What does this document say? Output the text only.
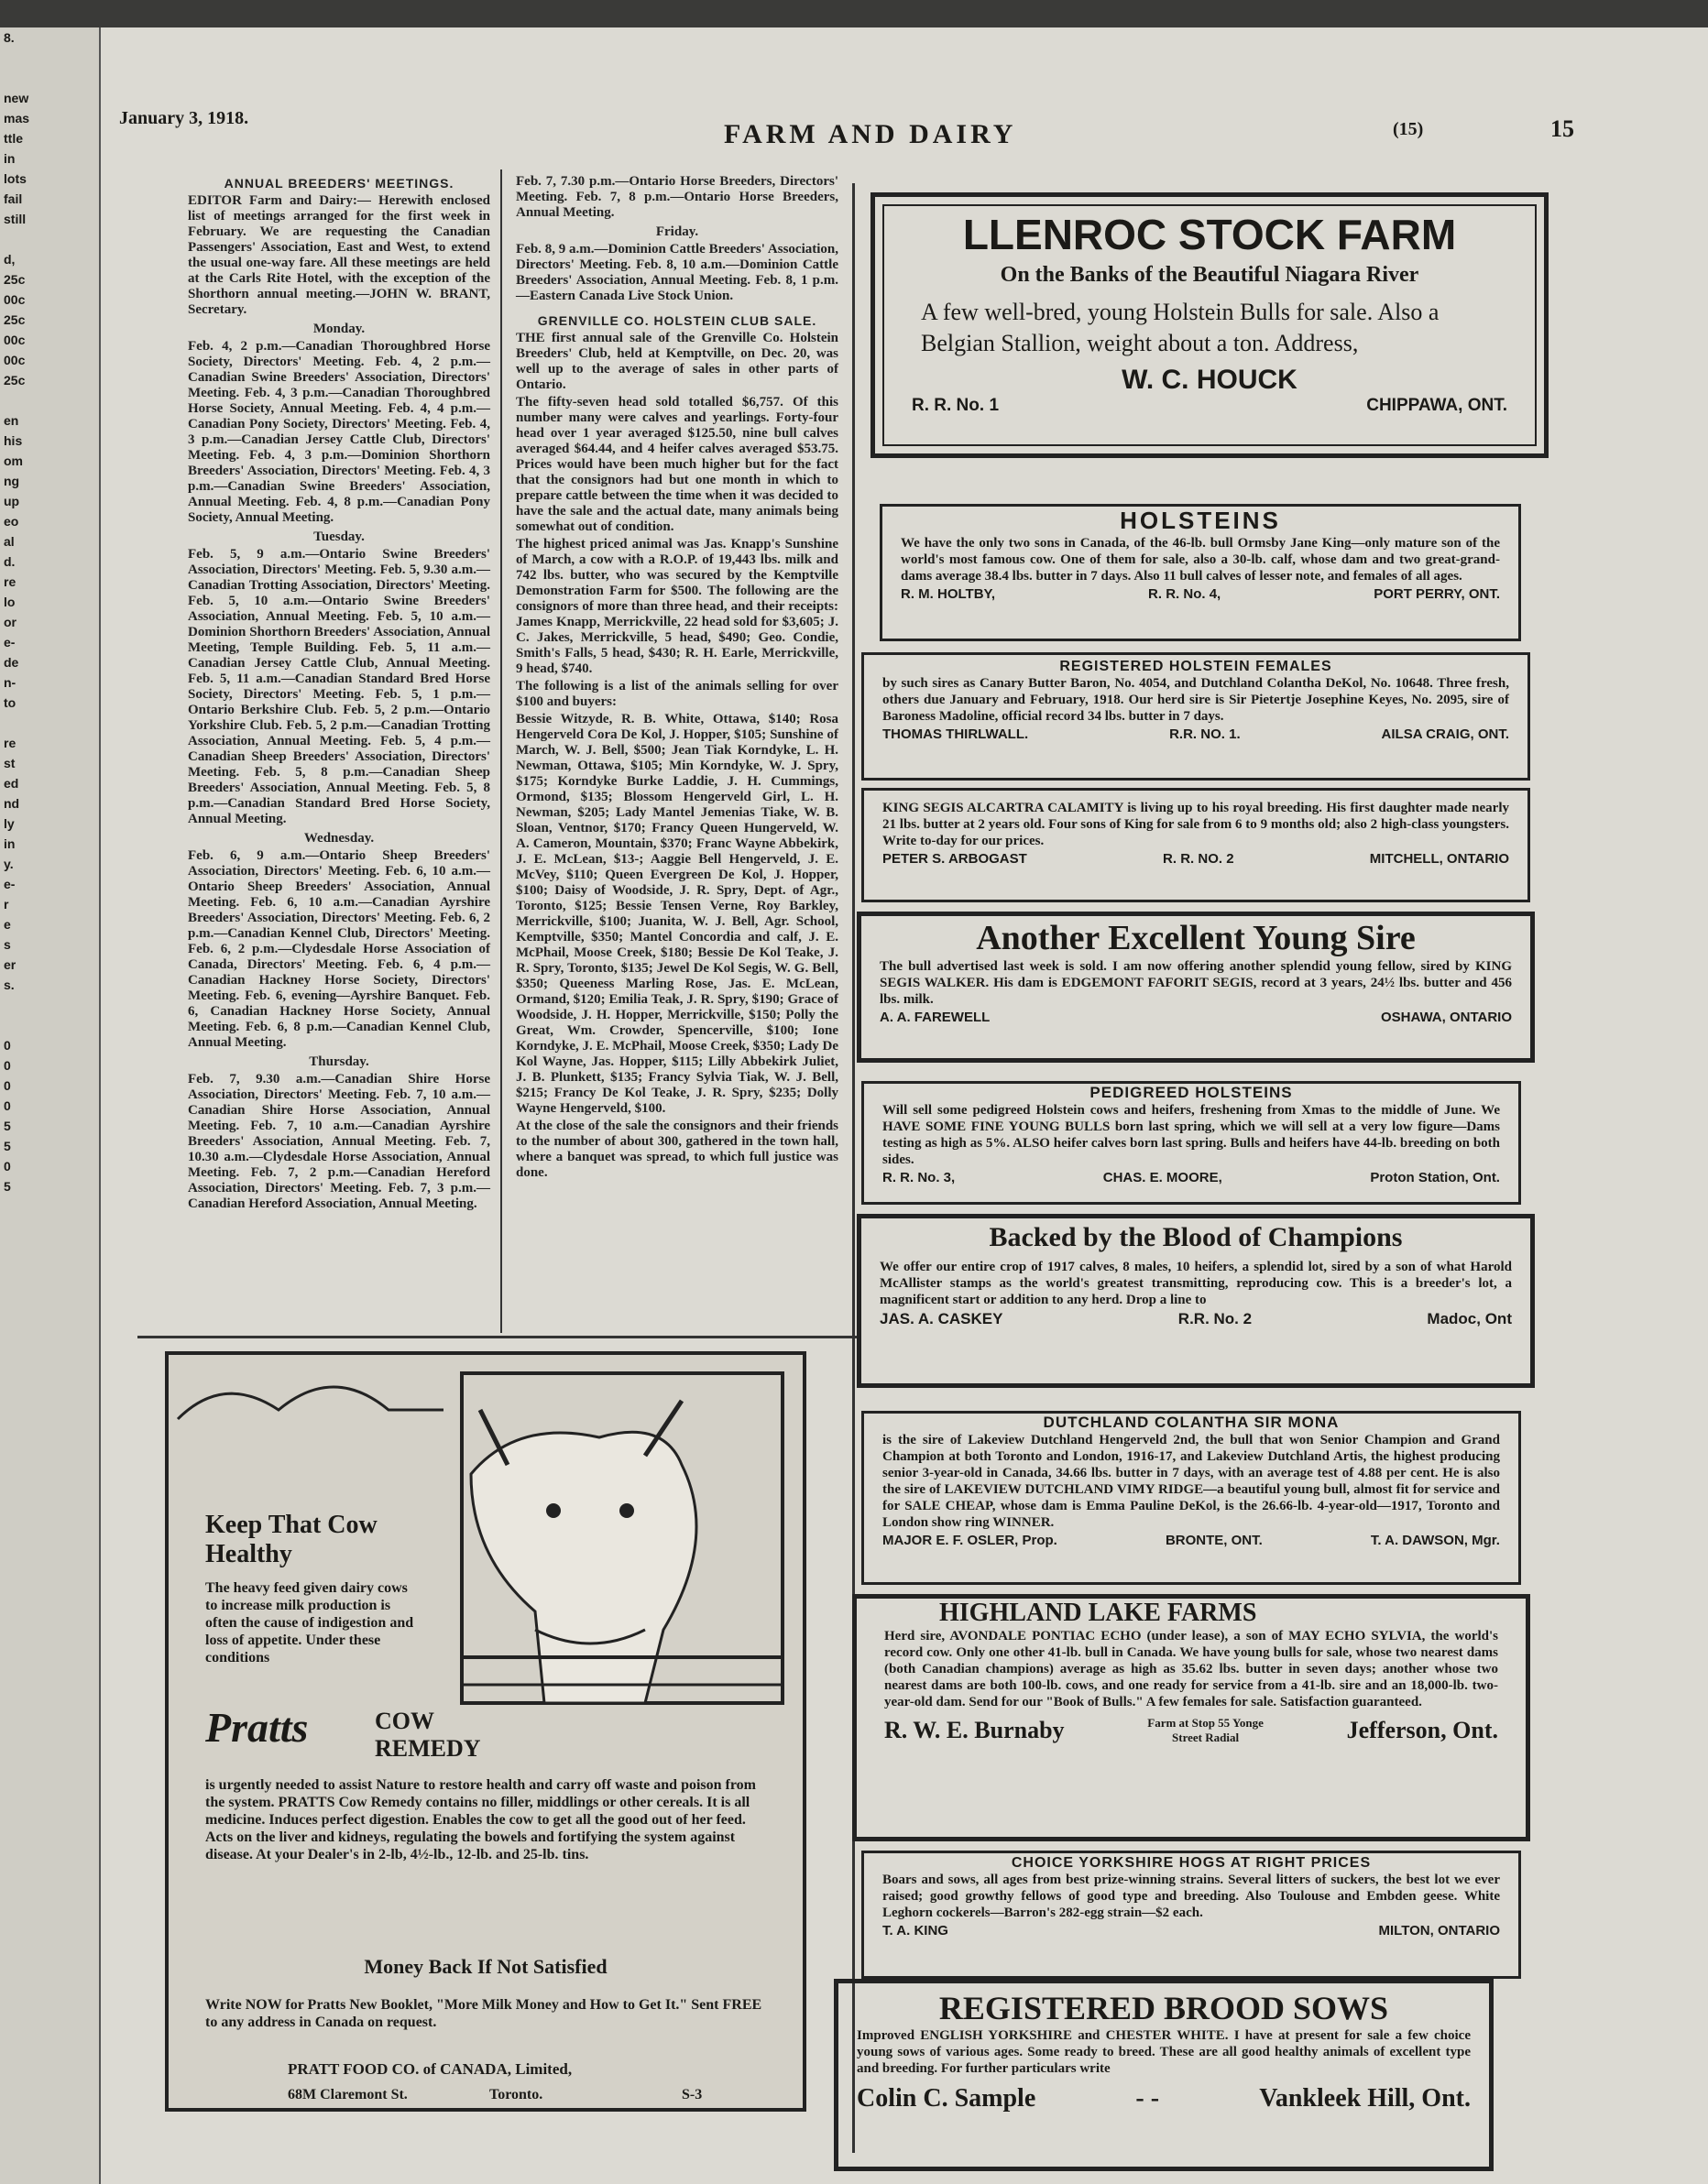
8.
new
mas
ttle
in
lots
fail
still
d,
25c
00c
25c
00c
00c
25c
en
his
om
ng
up
eo
al
d.
re
lo
or
e-
de
n-
to
re
st
ed
nd
ly
in
y.
e-
r
e
s
er
s.
0
0
0
0
5
5
0
5
January 3, 1918.
FARM AND DAIRY	(15)	15
ANNUAL BREEDERS' MEETINGS.

EDITOR Farm and Dairy:— Herewith enclosed list of meetings arranged for the first week in February. We are requesting the Canadian Passengers' Association, East and West, to extend the usual one-way fare. All these meetings are held at the Carls Rite Hotel, with the exception of the Shorthorn annual meeting.—JOHN W. BRANT, Secretary.

Monday.

Feb. 4, 2 p.m.—Canadian Thoroughbred Horse Society, Directors' Meeting. Feb. 4, 2 p.m.—Canadian Swine Breeders' Association, Directors' Meeting. Feb. 4, 3 p.m.—Canadian Thoroughbred Horse Society, Annual Meeting. Feb. 4, 4 p.m.—Canadian Pony Society, Directors' Meeting. Feb. 4, 3 p.m.—Canadian Jersey Cattle Club, Directors' Meeting. Feb. 4, 3 p.m.—Dominion Shorthorn Breeders' Association, Directors' Meeting. Feb. 4, 3 p.m.—Canadian Swine Breeders' Association, Annual Meeting. Feb. 4, 8 p.m.—Canadian Pony Society, Annual Meeting.

Tuesday.

Feb. 5, 9 a.m.—Ontario Swine Breeders' Association, Directors' Meeting. Feb. 5, 9.30 a.m.—Canadian Trotting Association, Directors' Meeting. Feb. 5, 10 a.m.—Ontario Swine Breeders' Association, Annual Meeting. Feb. 5, 10 a.m.—Dominion Shorthorn Breeders' Association, Annual Meeting, Temple Building. Feb. 5, 11 a.m.—Canadian Jersey Cattle Club, Annual Meeting. Feb. 5, 11 a.m.—Canadian Standard Bred Horse Society, Directors' Meeting. Feb. 5, 1 p.m.—Ontario Berkshire Club. Feb. 5, 2 p.m.—Ontario Yorkshire Club. Feb. 5, 2 p.m.—Canadian Trotting Association, Annual Meeting. Feb. 5, 4 p.m.—Canadian Sheep Breeders' Association, Directors' Meeting. Feb. 5, 8 p.m.—Canadian Sheep Breeders' Association, Annual Meeting. Feb. 5, 8 p.m.—Canadian Standard Bred Horse Society, Annual Meeting.

Wednesday.

Feb. 6, 9 a.m.—Ontario Sheep Breeders' Association, Directors' Meeting. Feb. 6, 10 a.m.—Ontario Sheep Breeders' Association, Annual Meeting. Feb. 6, 10 a.m.—Canadian Ayrshire Breeders' Association, Directors' Meeting. Feb. 6, 2 p.m.—Canadian Kennel Club, Directors' Meeting. Feb. 6, 2 p.m.—Clydesdale Horse Association of Canada, Directors' Meeting. Feb. 6, 4 p.m.—Canadian Hackney Horse Society, Directors' Meeting. Feb. 6, evening—Ayrshire Banquet. Feb. 6, Canadian Hackney Horse Society, Annual Meeting. Feb. 6, 8 p.m.—Canadian Kennel Club, Annual Meeting.

Thursday.

Feb. 7, 9.30 a.m.—Canadian Shire Horse Association, Directors' Meeting. Feb. 7, 10 a.m.—Canadian Shire Horse Association, Annual Meeting. Feb. 7, 10 a.m.—Canadian Ayrshire Breeders' Association, Annual Meeting. Feb. 7, 10.30 a.m.—Clydesdale Horse Association, Annual Meeting. Feb. 7, 2 p.m.—Canadian Hereford Association, Directors' Meeting. Feb. 7, 3 p.m.—Canadian Hereford Association, Annual Meeting.

Feb. 7, 7.30 p.m.—Ontario Horse Breeders, Directors' Meeting. Feb. 7, 8 p.m.—Ontario Horse Breeders, Annual Meeting.

Friday.

Feb. 8, 9 a.m.—Dominion Cattle Breeders' Association, Directors' Meeting. Feb. 8, 10 a.m.—Dominion Cattle Breeders' Association, Annual Meeting. Feb. 8, 1 p.m.—Eastern Canada Live Stock Union.

GRENVILLE CO. HOLSTEIN CLUB SALE.

THE first annual sale of the Grenville Co. Holstein Breeders' Club, held at Kemptville, on Dec. 20, was well up to the average of sales in other parts of Ontario.

The fifty-seven head sold totalled $6,757. Of this number many were calves and yearlings. Forty-four head over 1 year averaged $125.50, nine bull calves averaged $64.44, and 4 heifer calves averaged $53.75. Prices would have been much higher but for the fact that the consignors had but one month in which to prepare cattle between the time when it was decided to have the sale and the actual date, many animals being somewhat out of condition.

The highest priced animal was Jas. Knapp's Sunshine of March, a cow with a R.O.P. of 19,443 lbs. milk and 742 lbs. butter, who was secured by the Kemptville Demonstration Farm for $500. The following are the consignors of more than three head, and their receipts: James Knapp, Merrickville, 22 head sold for $3,605; J. C. Jakes, Merrickville, 5 head, $490; Geo. Condie, Smith's Falls, 5 head, $430; R. H. Earle, Merrickville, 9 head, $740.

The following is a list of the animals selling for over $100 and buyers:

Bessie Witzyde, R. B. White, Ottawa, $140; Rosa Hengerveld Cora De Kol, J. Hopper, $105; Sunshine of March, W. J. Bell, $500; Jean Tiak Korndyke, L. H. Newman, Ottawa, $105; Min Korndyke, W. J. Spry, $175; Korndyke Burke Laddie, J. H. Cummings, Ormond, $135; Blossom Hengerveld Girl, L. H. Newman, $205; Lady Mantel Jemenias Tiake, W. B. Sloan, Ventnor, $170; Francy Queen Hungerveld, W. A. Cameron, Mountain, $370; Franc Wayne Abbekirk, J. E. McLean, $13-; Aaggie Bell Hengerveld, J. E. McVey, $110; Queen Evergreen De Kol, J. Hopper, $100; Daisy of Woodside, J. R. Spry, Dept. of Agr., Toronto, $125; Bessie Tensen Verne, Roy Barkley, Merrickville, $100; Juanita, W. J. Bell, Agr. School, Kemptville, $350; Mantel Concordia and calf, J. E. McPhail, Moose Creek, $180; Bessie De Kol Teake, J. R. Spry, Toronto, $135; Jewel De Kol Segis, W. G. Bell, $350; Queeness Marling Rose, Jas. E. McLean, Ormand, $120; Emilia Teak, J. R. Spry, $190; Grace of Woodside, J. H. Hopper, Merrickville, $150; Polly the Great, Wm. Crowder, Spencerville, $100; Ione Korndyke, J. E. McPhail, Moose Creek, $350; Lady De Kol Wayne, Jas. Hopper, $115; Lilly Abbekirk Juliet, J. B. Plunkett, $135; Francy Sylvia Tiak, W. J. Bell, $215; Francy De Kol Teake, J. R. Spry, $235; Dolly Wayne Hengerveld, $100.

At the close of the sale the consignors and their friends to the number of about 300, gathered in the town hall, where a banquet was spread, to which full justice was done.

Keep That Cow Healthy
The heavy feed given dairy cows to increase milk production is often the cause of indigestion and loss of appetite. Under these conditions
Pratts	COW REMEDY
is urgently needed to assist Nature to restore health and carry off waste and poison from the system. PRATTS Cow Remedy contains no filler, middlings or other cereals. It is all medicine. Induces perfect digestion. Enables the cow to get all the good out of her feed. Acts on the liver and kidneys, regulating the bowels and fortifying the system against disease. At your Dealer's in 2-lb, 4½-lb., 12-lb. and 25-lb. tins.
Money Back If Not Satisfied
Write NOW for Pratts New Booklet, "More Milk Money and How to Get It." Sent FREE to any address in Canada on request.
PRATT FOOD CO. of CANADA, Limited,
68M Claremont St.	Toronto.	S-3
LLENROC STOCK FARM
On the Banks of the Beautiful Niagara River
A few well-bred, young Holstein Bulls for sale. Also a Belgian Stallion, weight about a ton. Address,
W. C. HOUCK
R. R. No. 1	CHIPPAWA, ONT.
HOLSTEINS
We have the only two sons in Canada, of the 46-lb. bull Ormsby Jane King—only mature son of the world's most famous cow. One of them for sale, also a 30-lb. calf, whose dam and two great-grand-dams average 38.4 lbs. butter in 7 days. Also 11 bull calves of lesser note, and females of all ages.
R. M. HOLTBY,	R. R. No. 4,	PORT PERRY, ONT.
REGISTERED HOLSTEIN FEMALES
by such sires as Canary Butter Baron, No. 4054, and Dutchland Colantha DeKol, No. 10648. Three fresh, others due January and February, 1918. Our herd sire is Sir Pietertje Josephine Keyes, No. 2095, sire of Baroness Madoline, official record 34 lbs. butter in 7 days.
THOMAS THIRLWALL.	R.R. NO. 1.	AILSA CRAIG, ONT.
KING SEGIS ALCARTRA CALAMITY is living up to his royal breeding. His first daughter made nearly 21 lbs. butter at 2 years old. Four sons of King for sale from 6 to 9 months old; also 2 high-class youngsters. Write to-day for our prices.
PETER S. ARBOGAST	R. R. NO. 2	MITCHELL, ONTARIO
Another Excellent Young Sire
The bull advertised last week is sold. I am now offering another splendid young fellow, sired by KING SEGIS WALKER. His dam is EDGEMONT FAFORIT SEGIS, record at 3 years, 24½ lbs. butter and 456 lbs. milk.
A. A. FAREWELL	OSHAWA, ONTARIO
PEDIGREED HOLSTEINS
Will sell some pedigreed Holstein cows and heifers, freshening from Xmas to the middle of June. We HAVE SOME FINE YOUNG BULLS born last spring, which we will sell at a very low figure—Dams testing as high as 5%. ALSO heifer calves born last spring. Bulls and heifers have 44-lb. breeding on both sides.
R. R. No. 3,	CHAS. E. MOORE,	Proton Station, Ont.
Backed by the Blood of Champions
We offer our entire crop of 1917 calves, 8 males, 10 heifers, a splendid lot, sired by a son of what Harold McAllister stamps as the world's greatest transmitting, reproducing cow. This is a breeder's lot, a magnificent start or addition to any herd. Drop a line to
JAS. A. CASKEY	R.R. No. 2	Madoc, Ont
DUTCHLAND COLANTHA SIR MONA
is the sire of Lakeview Dutchland Hengerveld 2nd, the bull that won Senior Champion and Grand Champion at both Toronto and London, 1916-17, and Lakeview Dutchland Artis, the highest producing senior 3-year-old in Canada, 34.66 lbs. butter in 7 days, with an average test of 4.88 per cent. He is also the sire of LAKEVIEW DUTCHLAND VIMY RIDGE—a beautiful young bull, almost fit for service and for SALE CHEAP, whose dam is Emma Pauline DeKol, is the 26.66-lb. 4-year-old—1917, Toronto and London show ring WINNER.
MAJOR E. F. OSLER, Prop.	BRONTE, ONT.	T. A. DAWSON, Mgr.
HIGHLAND LAKE FARMS
Herd sire, AVONDALE PONTIAC ECHO (under lease), a son of MAY ECHO SYLVIA, the world's record cow. Only one other 41-lb. bull in Canada. We have young bulls for sale, whose two nearest dams (both Canadian champions) average as high as 35.62 lbs. butter in seven days; another whose two nearest dams are both 100-lb. cows, and one ready for service from a 41-lb. sire and an 18,000-lb. two-year-old dam. Send for our "Book of Bulls." A few females for sale. Satisfaction guaranteed.
R. W. E. Burnaby	Farm at Stop 55 Yonge Street Radial	Jefferson, Ont.
CHOICE YORKSHIRE HOGS AT RIGHT PRICES
Boars and sows, all ages from best prize-winning strains. Several litters of suckers, the best lot we ever raised; good growthy fellows of good type and breeding. Also Toulouse and Embden geese. White Leghorn cockerels—Barron's 282-egg strain—$2 each.
T. A. KING	MILTON, ONTARIO
REGISTERED BROOD SOWS
Improved ENGLISH YORKSHIRE and CHESTER WHITE. I have at present for sale a few choice young sows of various ages. Some ready to breed. These are all good healthy animals of excellent type and breeding. For further particulars write
Colin C. Sample	- -	Vankleek Hill, Ont.
